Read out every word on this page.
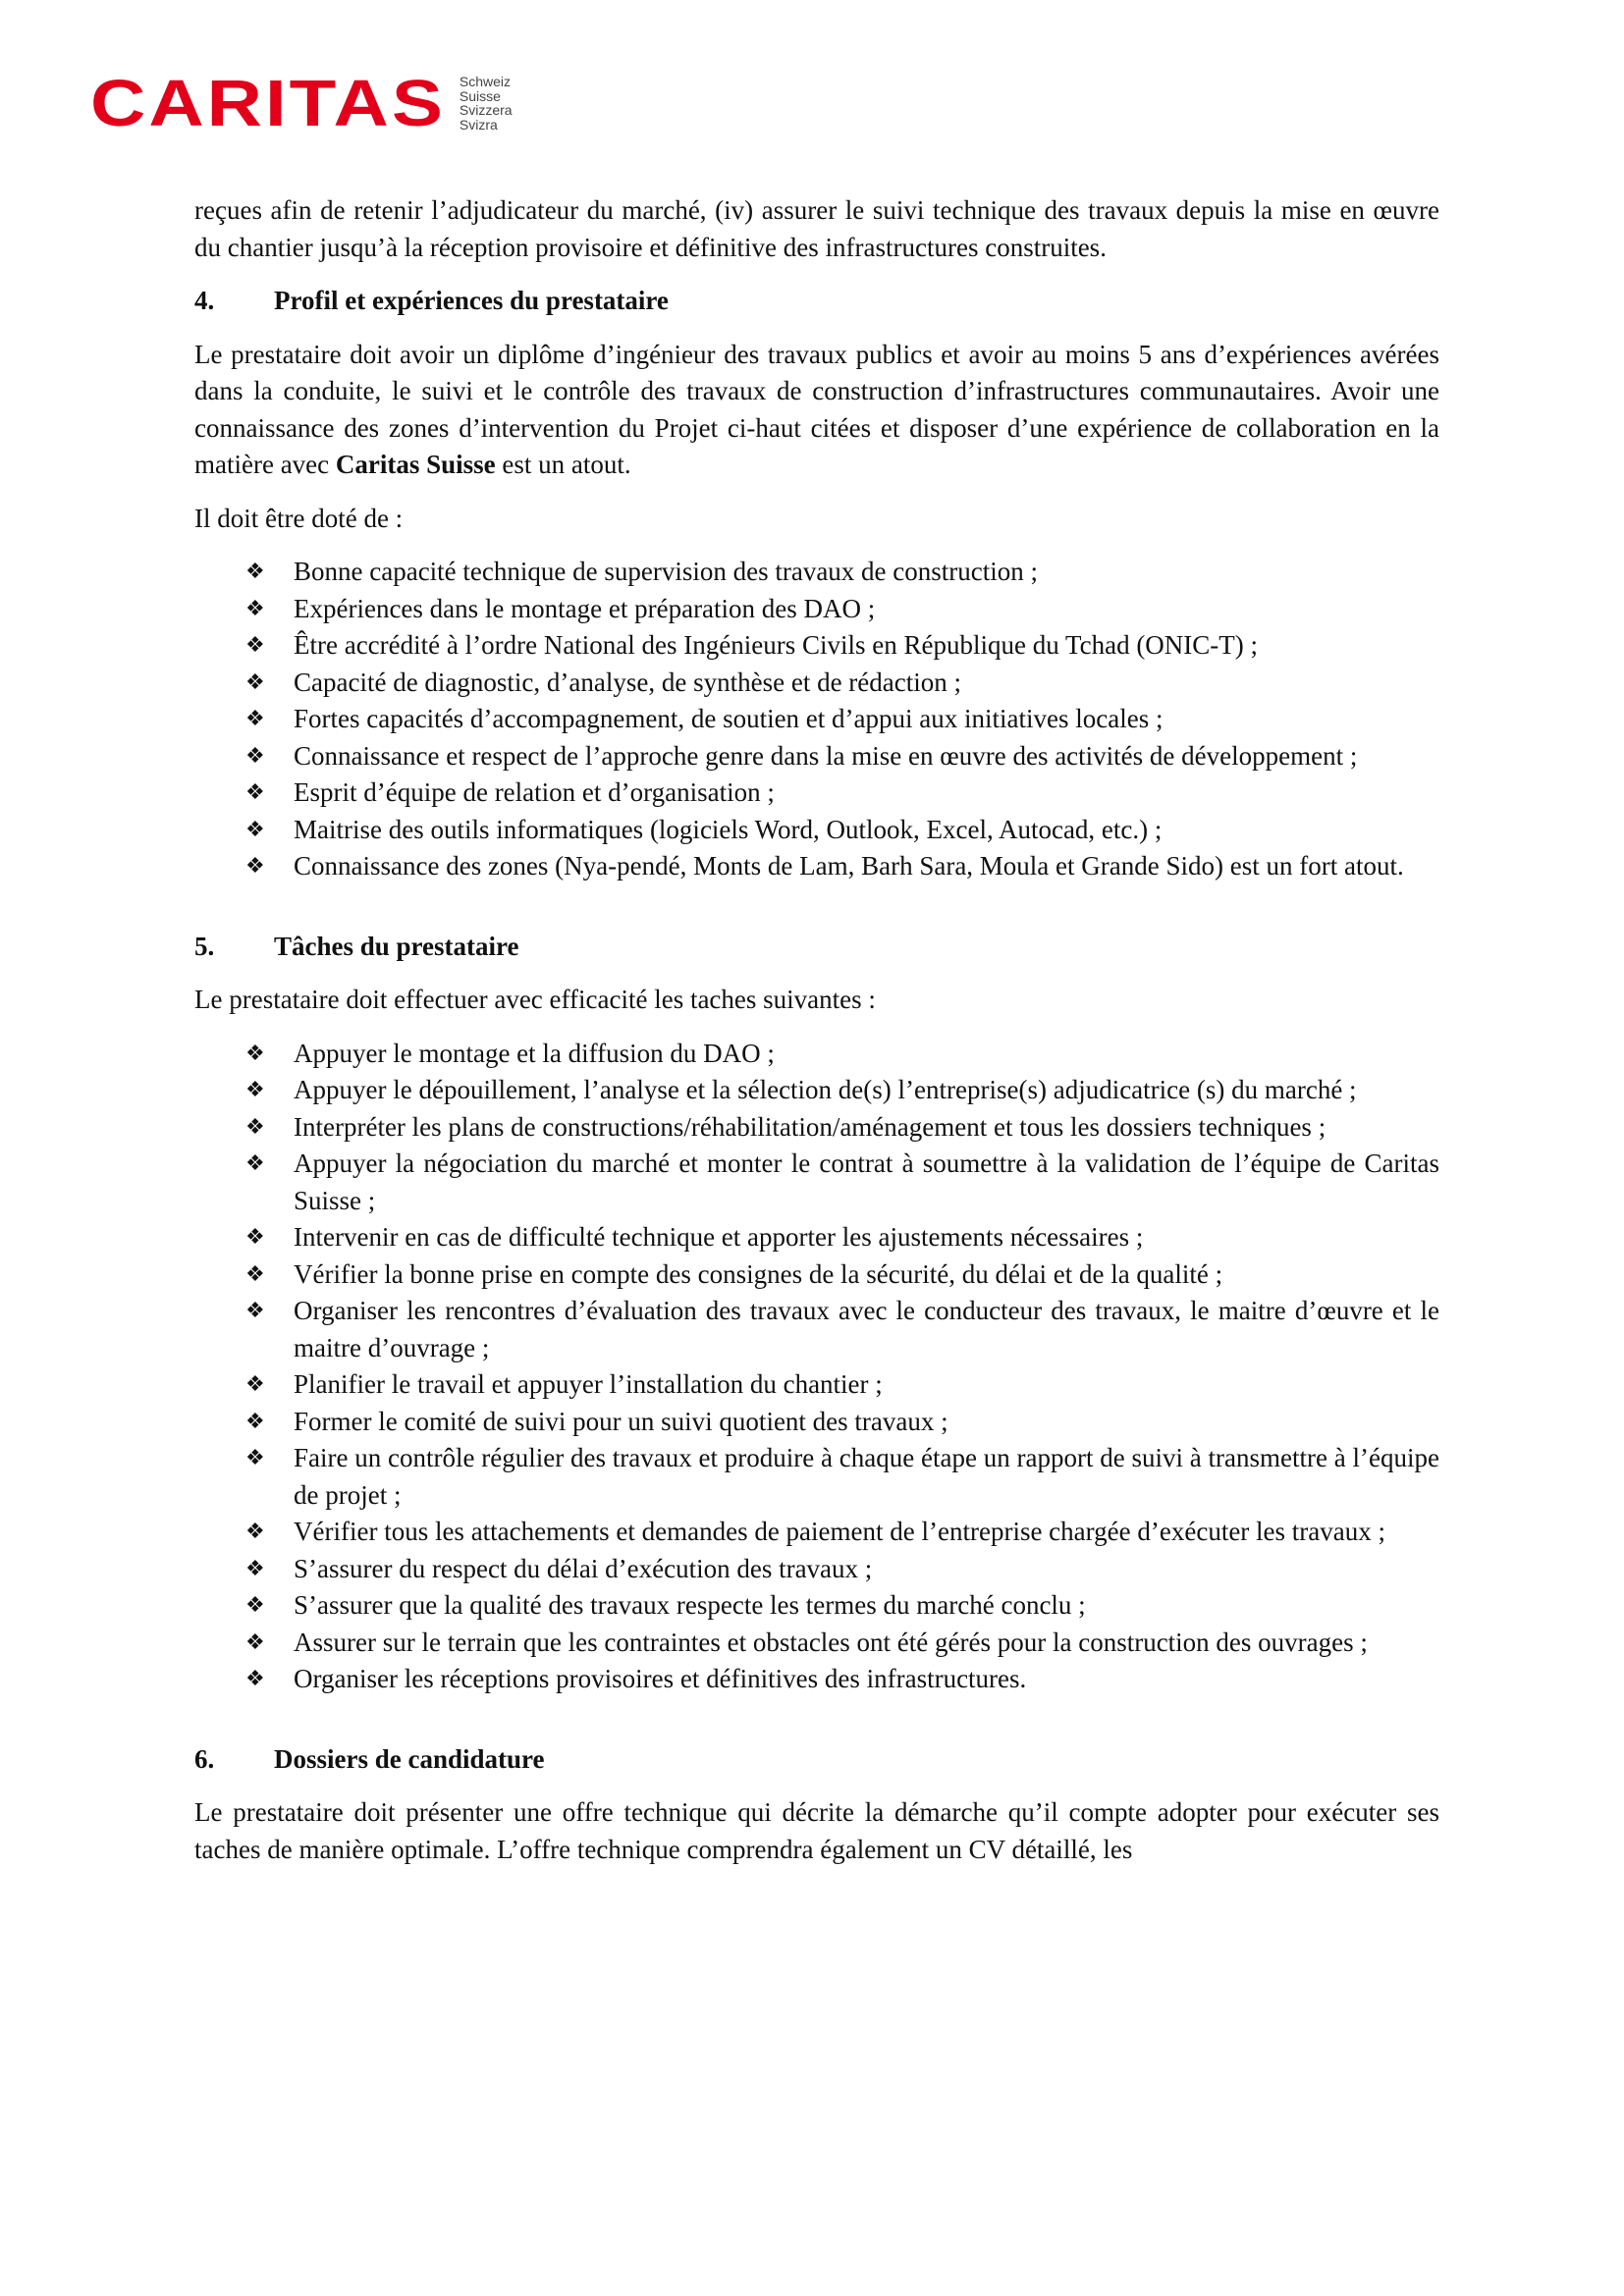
CARITAS Schweiz
Suisse
Svizzera
Svizra

reçues afin de retenir l’adjudicateur du marché, (iv) assurer le suivi technique des travaux depuis la mise en œuvre du chantier jusqu’à la réception provisoire et définitive des infrastructures construites.

4.	Profil et expériences du prestataire

Le prestataire doit avoir un diplôme d’ingénieur des travaux publics et avoir au moins 5 ans d’expériences avérées dans la conduite, le suivi et le contrôle des travaux de construction d’infrastructures communautaires. Avoir une connaissance des zones d’intervention du Projet ci-haut citées et disposer d’une expérience de collaboration en la matière avec Caritas Suisse est un atout.

Il doit être doté de :

❖ Bonne capacité technique de supervision des travaux de construction ;
❖ Expériences dans le montage et préparation des DAO ;
❖ Être accrédité à l’ordre National des Ingénieurs Civils en République du Tchad (ONIC-T) ;
❖ Capacité de diagnostic, d’analyse, de synthèse et de rédaction ;
❖ Fortes capacités d’accompagnement, de soutien et d’appui aux initiatives locales ;
❖ Connaissance et respect de l’approche genre dans la mise en œuvre des activités de développement ;
❖ Esprit d’équipe de relation et d’organisation ;
❖ Maitrise des outils informatiques (logiciels Word, Outlook, Excel, Autocad, etc.) ;
❖ Connaissance des zones (Nya-pendé, Monts de Lam, Barh Sara, Moula et Grande Sido) est un fort atout.
5.	Tâches du prestataire

Le prestataire doit effectuer avec efficacité les taches suivantes :

❖ Appuyer le montage et la diffusion du DAO ;
❖ Appuyer le dépouillement, l’analyse et la sélection de(s) l’entreprise(s) adjudicatrice (s) du marché ;
❖ Interpréter les plans de constructions/réhabilitation/aménagement et tous les dossiers techniques ;
❖ Appuyer la négociation du marché et monter le contrat à soumettre à la validation de l’équipe de Caritas Suisse ;
❖ Intervenir en cas de difficulté technique et apporter les ajustements nécessaires ;
❖ Vérifier la bonne prise en compte des consignes de la sécurité, du délai et de la qualité ;
❖ Organiser les rencontres d’évaluation des travaux avec le conducteur des travaux, le maitre d’œuvre et le maitre d’ouvrage ;
❖ Planifier le travail et appuyer l’installation du chantier ;
❖ Former le comité de suivi pour un suivi quotient des travaux ;
❖ Faire un contrôle régulier des travaux et produire à chaque étape un rapport de suivi à transmettre à l’équipe de projet ;
❖ Vérifier tous les attachements et demandes de paiement de l’entreprise chargée d’exécuter les travaux ;
❖ S’assurer du respect du délai d’exécution des travaux ;
❖ S’assurer que la qualité des travaux respecte les termes du marché conclu ;
❖ Assurer sur le terrain que les contraintes et obstacles ont été gérés pour la construction des ouvrages ;
❖ Organiser les réceptions provisoires et définitives des infrastructures.
6.	Dossiers de candidature

Le prestataire doit présenter une offre technique qui décrite la démarche qu’il compte adopter pour exécuter ses taches de manière optimale. L’offre technique comprendra également un CV détaillé, les
